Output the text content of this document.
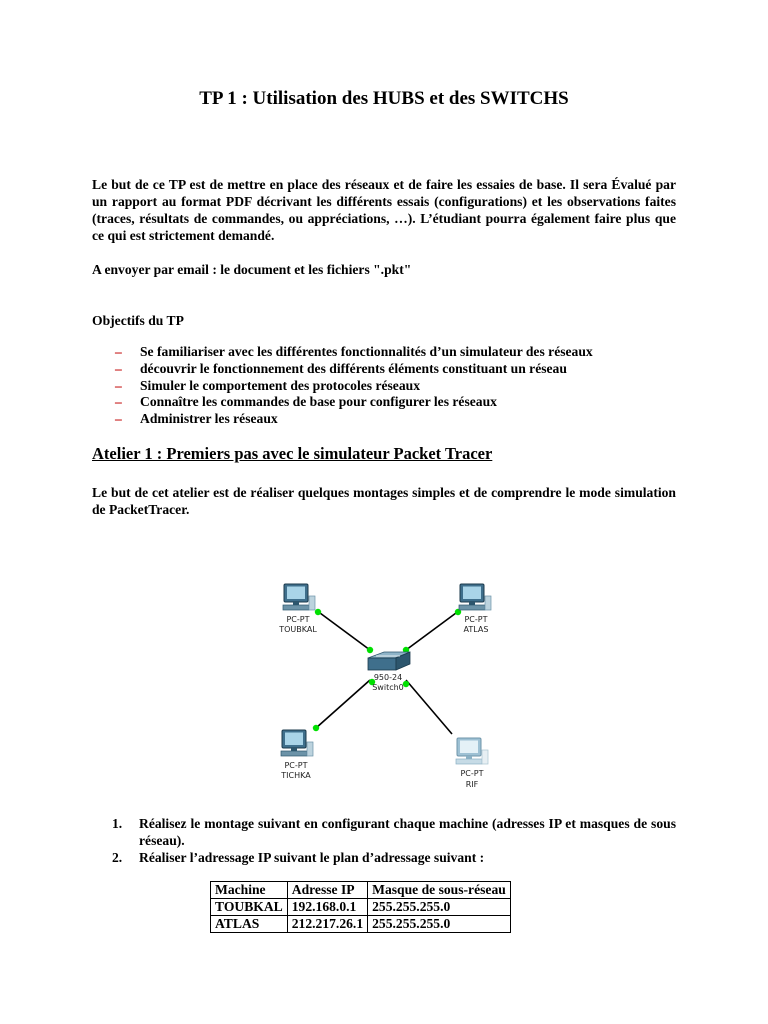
TP 1 : Utilisation des HUBS et des SWITCHS
Le but de ce TP est de mettre en place des réseaux et de faire les essaies de base. Il sera Évalué par un rapport au format PDF décrivant les différents essais (configurations) et les observations faites (traces, résultats de commandes, ou appréciations, …). L’étudiant pourra également faire plus que ce qui est strictement demandé.
A envoyer par email : le document et les fichiers ".pkt"
Objectifs du TP
– Se familiariser avec les différentes fonctionnalités d’un simulateur des réseaux
– découvrir le fonctionnement des différents éléments constituant un réseau
– Simuler le comportement des protocoles réseaux
– Connaître les commandes de base pour configurer les réseaux
– Administrer les réseaux
Atelier 1 : Premiers pas avec le simulateur Packet Tracer
Le but de cet atelier est de réaliser quelques montages simples et de comprendre le mode simulation de PacketTracer.
950-24
Switch0
PC-PT
TOUBKAL
PC-PT
ATLAS
PC-PT
TICHKA	PC-PT
RIF
1. Réalisez le montage suivant en configurant chaque machine (adresses IP et masques de sous réseau).
2. Réaliser l’adressage IP suivant le plan d’adressage suivant :
Machine	Adresse IP	Masque de sous-réseau
TOUBKAL	192.168.0.1	255.255.255.0
ATLAS	212.217.26.1	255.255.255.0
